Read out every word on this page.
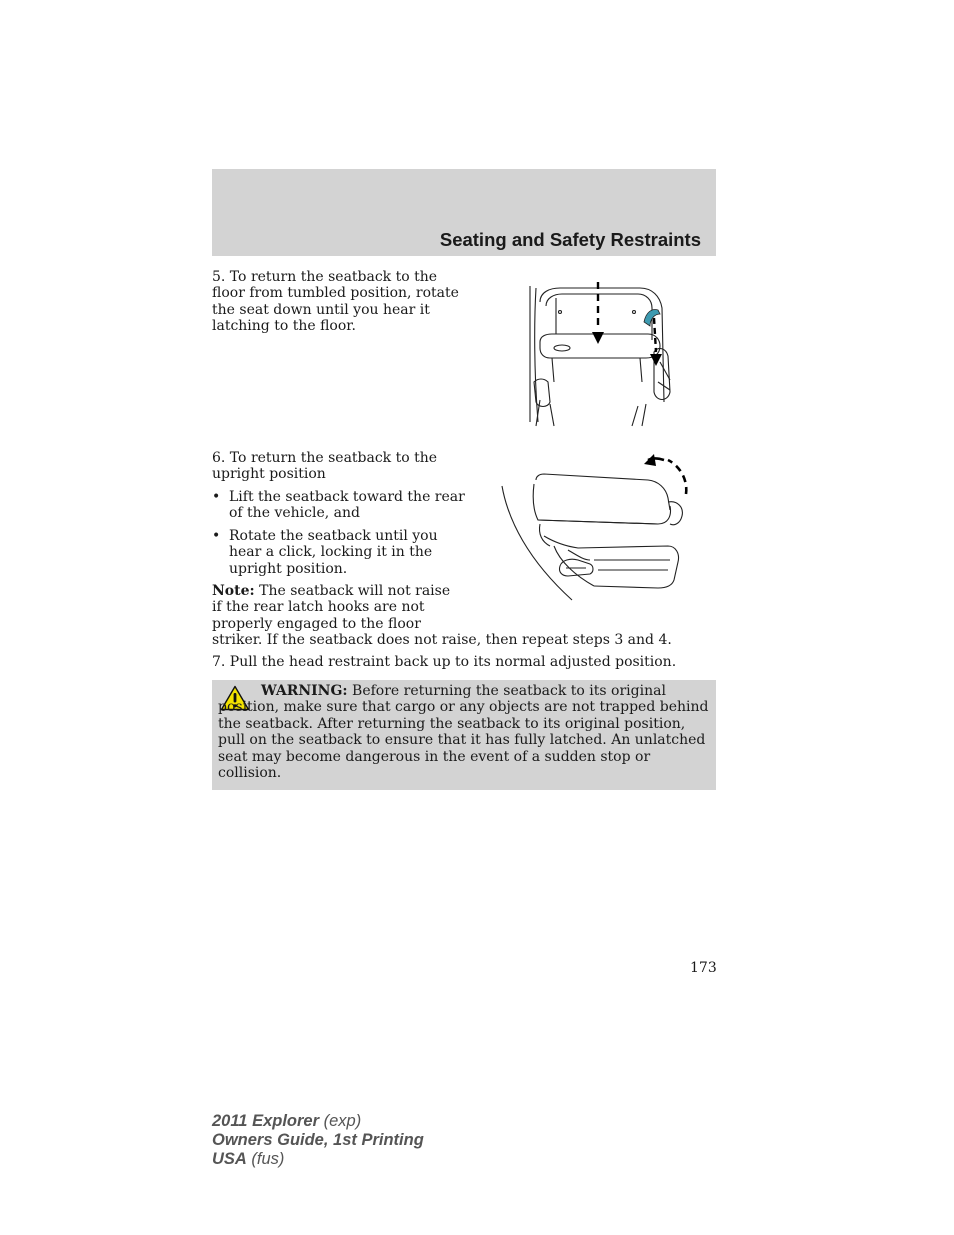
Seating and Safety Restraints
5. To return the seatback to the floor from tumbled position, rotate the seat down until you hear it latching to the floor.
6. To return the seatback to the upright position
• Lift the seatback toward the rear of the vehicle, and
• Rotate the seatback until you hear a click, locking it in the upright position.
Note: The seatback will not raise if the rear latch hooks are not properly engaged to the floor
striker. If the seatback does not raise, then repeat steps 3 and 4.
7. Pull the head restraint back up to its normal adjusted position.
WARNING: Before returning the seatback to its original position, make sure that cargo or any objects are not trapped behind the seatback. After returning the seatback to its original position, pull on the seatback to ensure that it has fully latched. An unlatched seat may become dangerous in the event of a sudden stop or collision.
173
2011 Explorer (exp)
Owners Guide, 1st Printing
USA (fus)
